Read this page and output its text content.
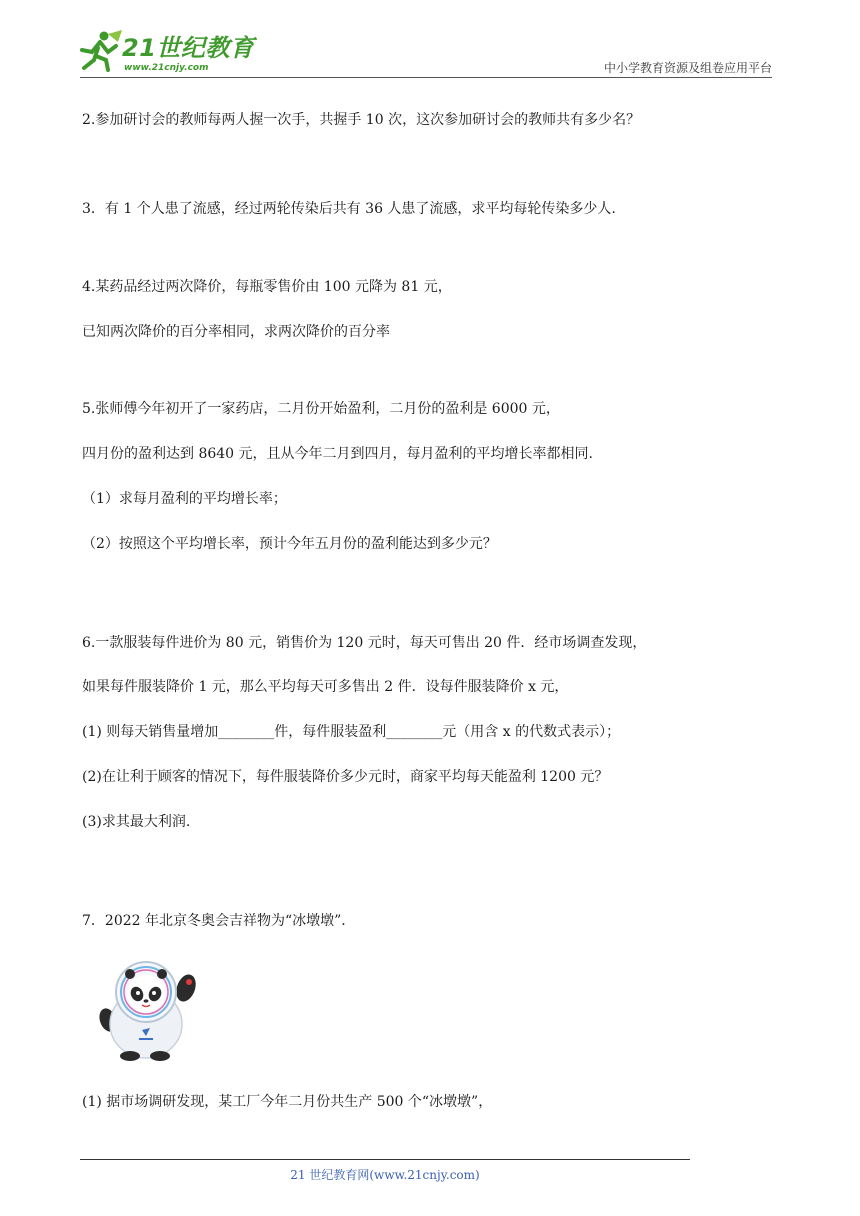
21世纪教育
www.21cnjy.com	中小学教育资源及组卷应用平台
2.参加研讨会的教师每两人握一次手，共握手 10 次，这次参加研讨会的教师共有多少名？
3．有 1 个人患了流感，经过两轮传染后共有 36 人患了流感，求平均每轮传染多少人.
4.某药品经过两次降价，每瓶零售价由 100 元降为 81 元，
已知两次降价的百分率相同，求两次降价的百分率
5.张师傅今年初开了一家药店，二月份开始盈利，二月份的盈利是 6000 元，
四月份的盈利达到 8640 元，且从今年二月到四月，每月盈利的平均增长率都相同.
（1）求每月盈利的平均增长率；
（2）按照这个平均增长率，预计今年五月份的盈利能达到多少元？
6.一款服装每件进价为 80 元，销售价为 120 元时，每天可售出 20 件．经市场调查发现，
如果每件服装降价 1 元，那么平均每天可多售出 2 件．设每件服装降价 x 元，
(1) 则每天销售量增加________件，每件服装盈利________元（用含 x 的代数式表示）；
(2)在让利于顾客的情况下，每件服装降价多少元时，商家平均每天能盈利 1200 元？
(3)求其最大利润.
7．2022 年北京冬奥会吉祥物为“冰墩墩”.
(1) 据市场调研发现，某工厂今年二月份共生产 500 个“冰墩墩”，
21 世纪教育网(www.21cnjy.com)
